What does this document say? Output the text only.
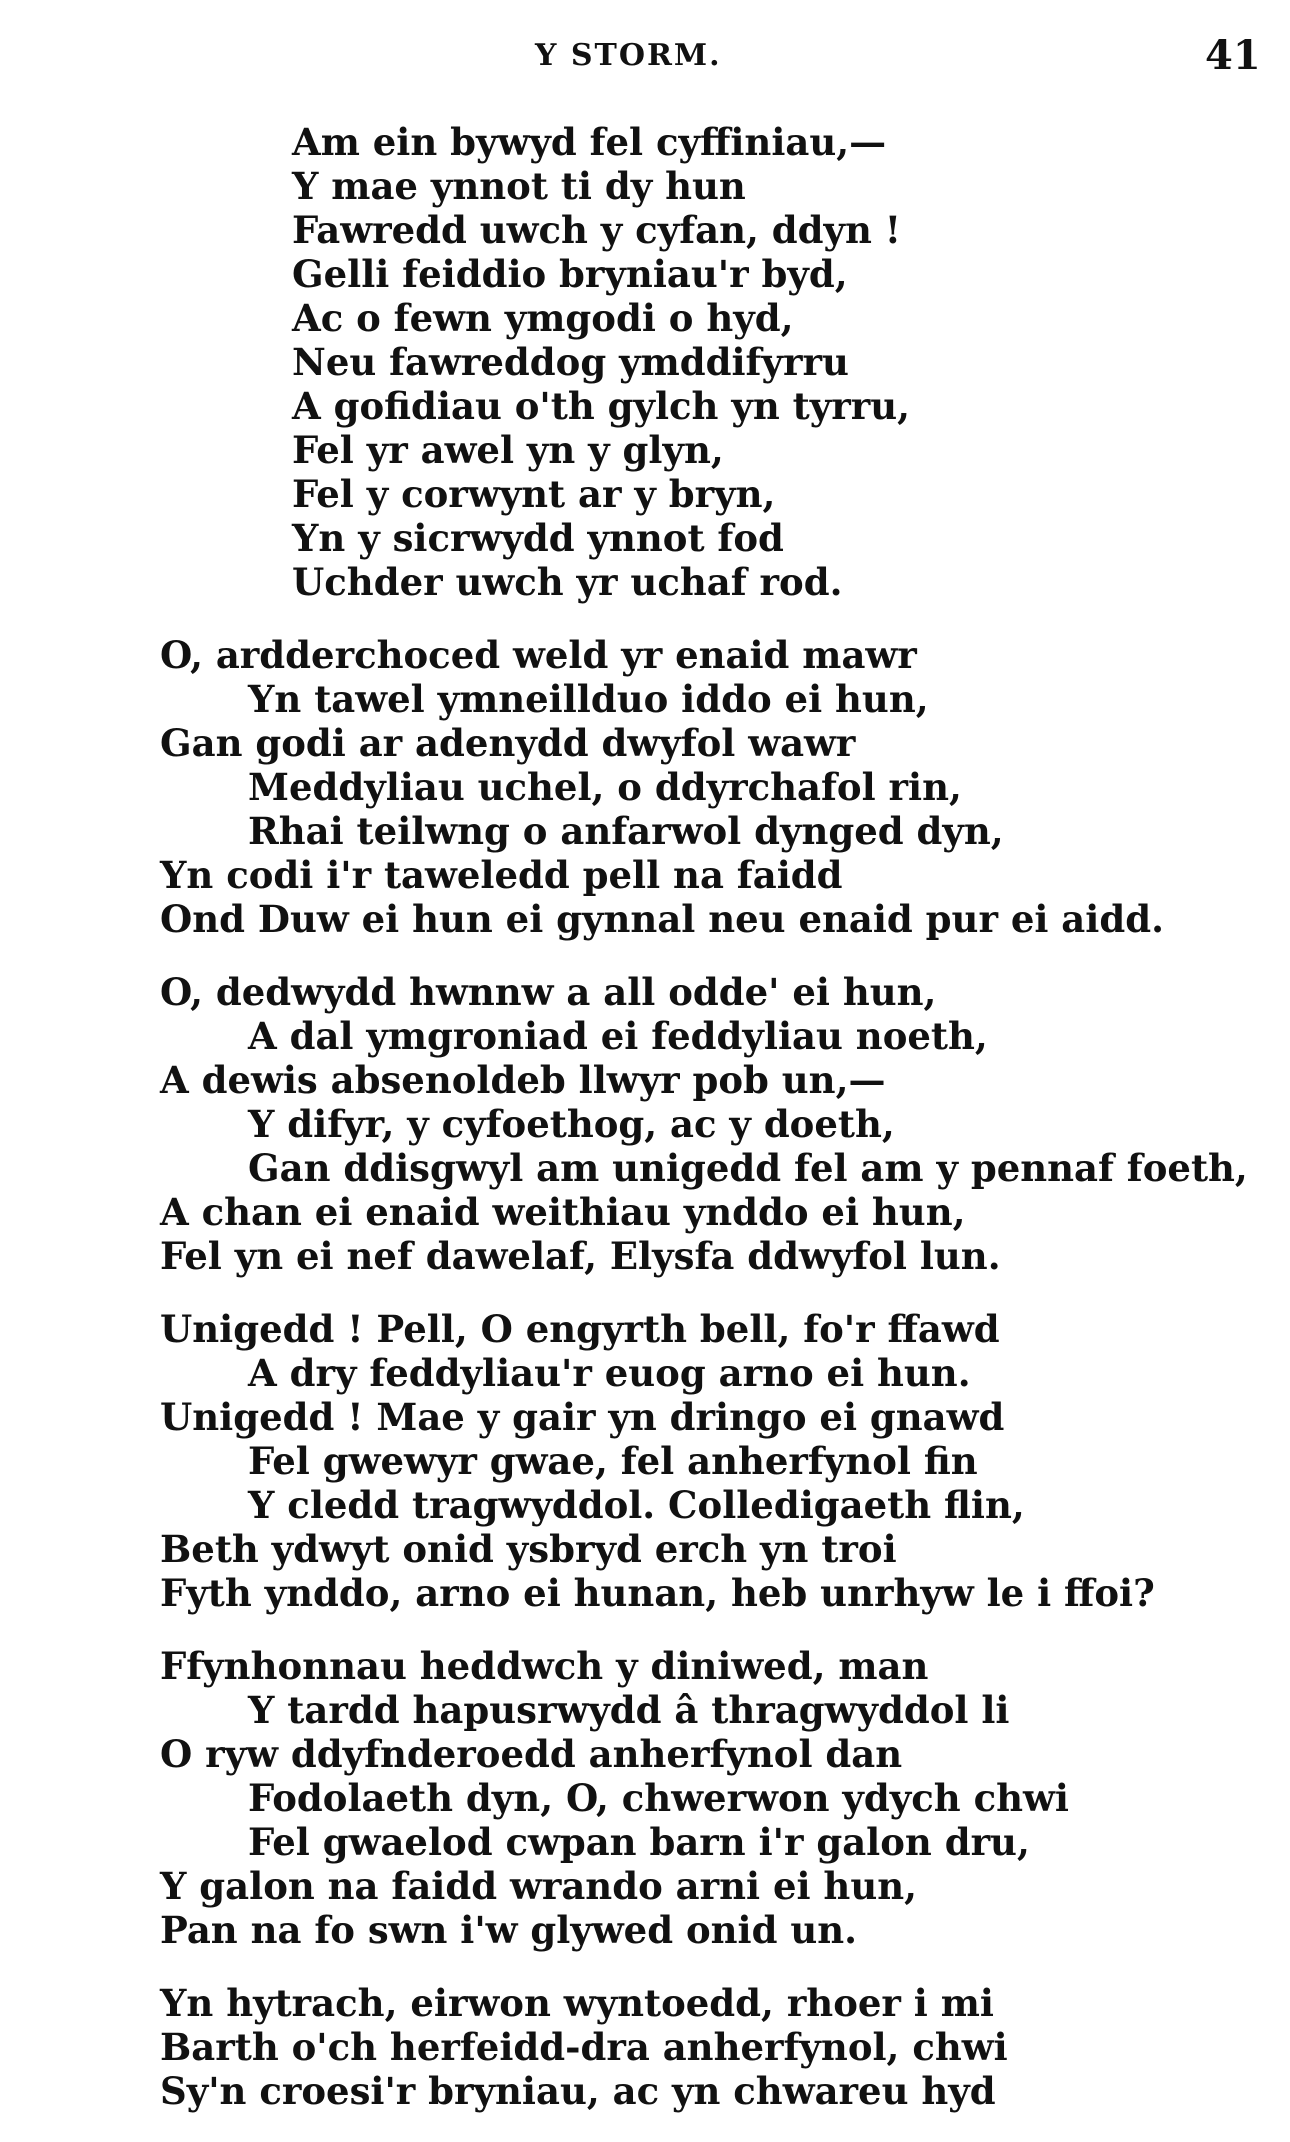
Y STORM.	41
Am ein bywyd fel cyffiniau,—
Y mae ynnot ti dy hun
Fawredd uwch y cyfan, ddyn !
Gelli feiddio bryniau'r byd,
Ac o fewn ymgodi o hyd,
Neu fawreddog ymddifyrru
A gofidiau o'th gylch yn tyrru,
Fel yr awel yn y glyn,
Fel y corwynt ar y bryn,
Yn y sicrwydd ynnot fod
Uchder uwch yr uchaf rod.
O, ardderchoced weld yr enaid mawr
Yn tawel ymneillduo iddo ei hun,
Gan godi ar adenydd dwyfol wawr
Meddyliau uchel, o ddyrchafol rin,
Rhai teilwng o anfarwol dynged dyn,
Yn codi i'r taweledd pell na faidd
Ond Duw ei hun ei gynnal neu enaid pur ei aidd.
O, dedwydd hwnnw a all odde' ei hun,
A dal ymgroniad ei feddyliau noeth,
A dewis absenoldeb llwyr pob un,—
Y difyr, y cyfoethog, ac y doeth,
Gan ddisgwyl am unigedd fel am y pennaf foeth,
A chan ei enaid weithiau ynddo ei hun,
Fel yn ei nef dawelaf, Elysfa ddwyfol lun.
Unigedd ! Pell, O engyrth bell, fo'r ffawd
A dry feddyliau'r euog arno ei hun.
Unigedd ! Mae y gair yn dringo ei gnawd
Fel gwewyr gwae, fel anherfynol fin
Y cledd tragwyddol. Colledigaeth flin,
Beth ydwyt onid ysbryd erch yn troi
Fyth ynddo, arno ei hunan, heb unrhyw le i ffoi?
Ffynhonnau heddwch y diniwed, man
Y tardd hapusrwydd â thragwyddol li
O ryw ddyfnderoedd anherfynol dan
Fodolaeth dyn, O, chwerwon ydych chwi
Fel gwaelod cwpan barn i'r galon dru,
Y galon na faidd wrando arni ei hun,
Pan na fo swn i'w glywed onid un.
Yn hytrach, eirwon wyntoedd, rhoer i mi
Barth o'ch herfeidd-dra anherfynol, chwi
Sy'n croesi'r bryniau, ac yn chwareu hyd
